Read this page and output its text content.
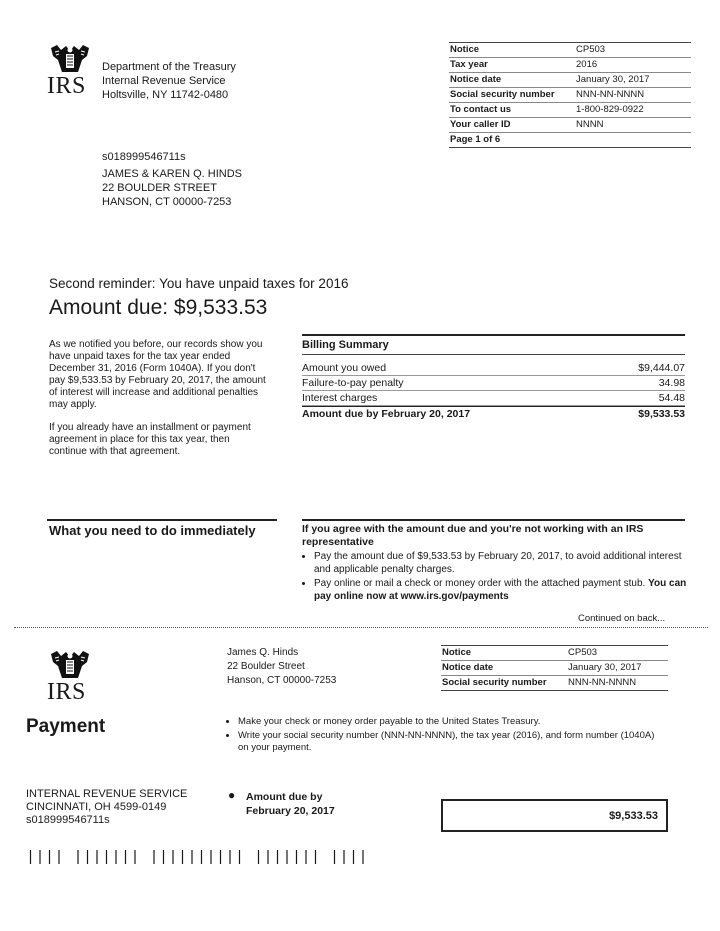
IRS
Department of the Treasury
Internal Revenue Service
Holtsville, NY 11742-0480
Notice	CP503
Tax year	2016
Notice date	January 30, 2017
Social security number	NNN-NN-NNNN
To contact us	1-800-829-0922
Your caller ID	NNNN
Page 1 of 6
s018999546711s
JAMES & KAREN Q. HINDS
22 BOULDER STREET
HANSON, CT 00000-7253
Second reminder: You have unpaid taxes for 2016
Amount due: $9,533.53

As we notified you before, our records show you have unpaid taxes for the tax year ended December 31, 2016 (Form 1040A). If you don't pay $9,533.53 by February 20, 2017, the amount of interest will increase and additional penalties may apply.

If you already have an installment or payment agreement in place for this tax year, then continue with that agreement.

Billing Summary
Amount you owed	$9,444.07
Failure-to-pay penalty	34.98
Interest charges	54.48
Amount due by February 20, 2017	$9,533.53
What you need to do immediately	If you agree with the amount due and you're not working with an IRS representative
• Pay the amount due of $9,533.53 by February 20, 2017, to avoid additional interest and applicable penalty charges.
• Pay online or mail a check or money order with the attached payment stub. You can pay online now at www.irs.gov/payments
Continued on back...
IRS
James Q. Hinds
22 Boulder Street
Hanson, CT 00000-7253
Notice	CP503
Notice date	January 30, 2017
Social security number	NNN-NN-NNNN
Payment
•	Make your check or money order payable to the United States Treasury.
• Write your social security number (NNN-NN-NNNN), the tax year (2016), and form number (1040A) on your payment.
INTERNAL REVENUE SERVICE
CINCINNATI, OH 4599-0149
s018999546711s
● Amount due by
February 20, 2017	$9,533.53
|||| ||||||| |||||||||| ||||||| ||||
